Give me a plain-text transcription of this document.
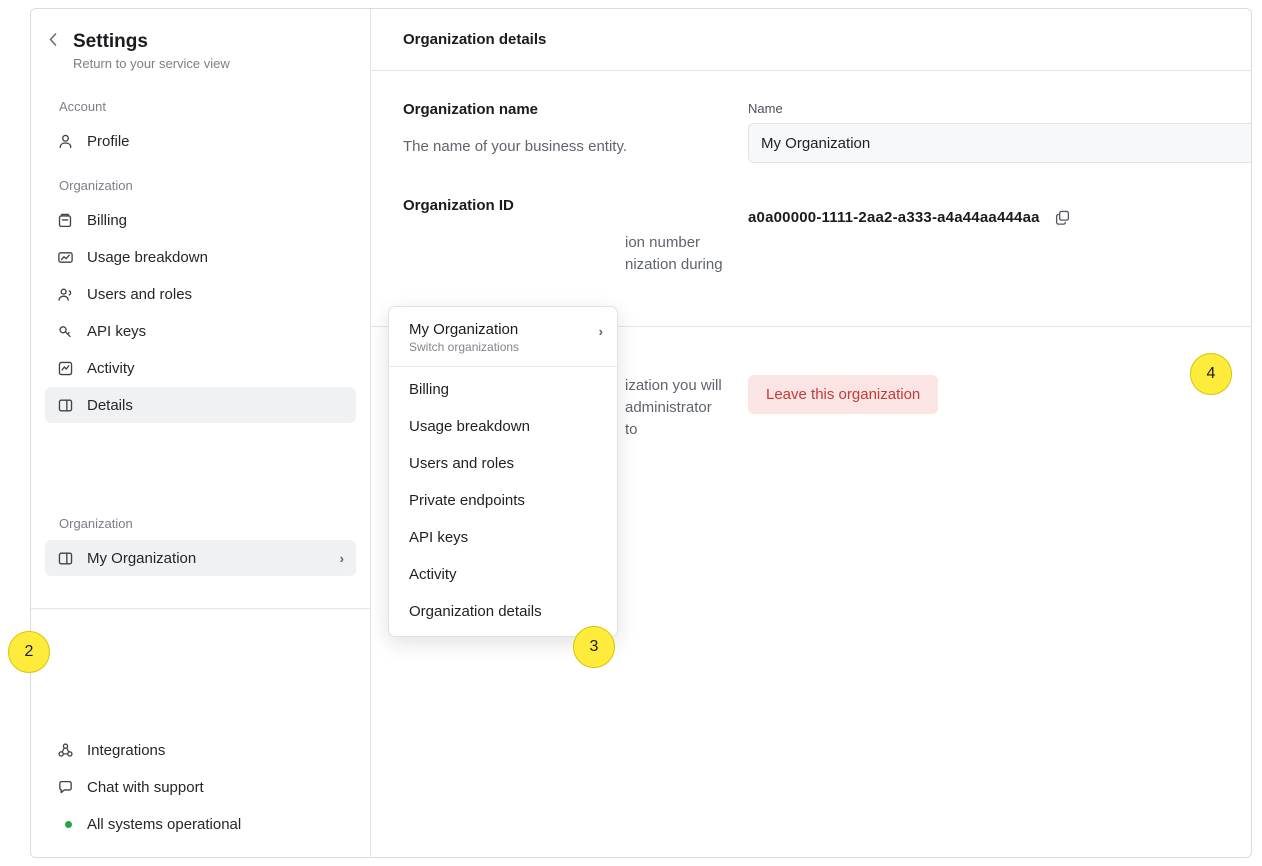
Settings
Return to your service view
Account
Profile
Organization
Billing
Usage breakdown
Users and roles
API keys
Activity
Details
Organization
My Organization	›
Integrations
Chat with support
All systems operational
Organization details
Organization name
The name of your business entity.
Name
My Organization
Organization ID
ion number
nization during
a0a00000-1111-2aa2-a333-a4a44aa444aa
ization you will
administrator to
Leave this organization
My Organization
Switch organizations
›
Billing
Usage breakdown
Users and roles
Private endpoints
API keys
Activity
Organization details
2	3
4
